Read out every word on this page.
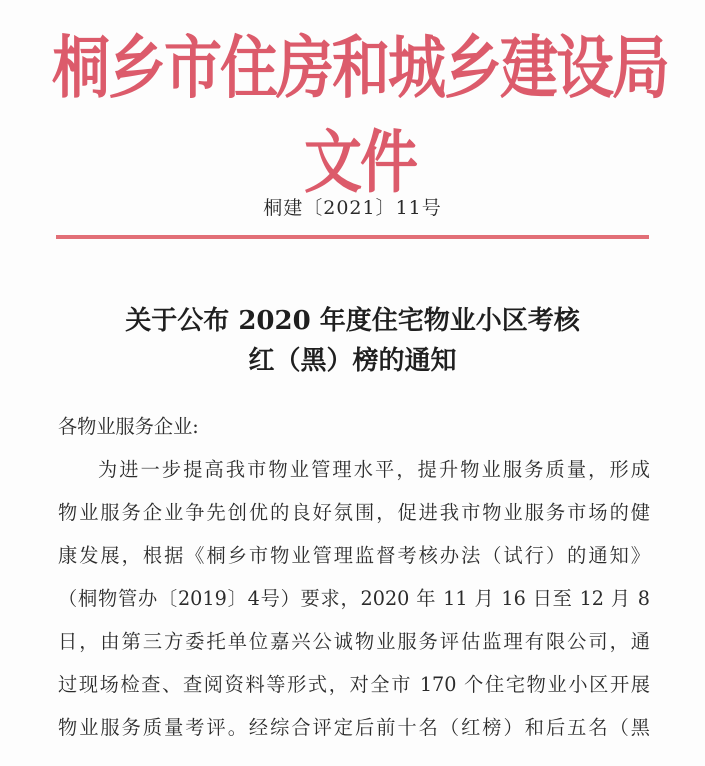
桐乡市住房和城乡建设局文件
桐建〔2021〕11号
关于公布 2020 年度住宅物业小区考核
红（黑）榜的通知
各物业服务企业:
为进一步提高我市物业管理水平，提升物业服务质量，形成
物业服务企业争先创优的良好氛围，促进我市物业服务市场的健
康发展，根据《桐乡市物业管理监督考核办法（试行）的通知》
（桐物管办〔2019〕4号）要求，2020 年 11 月 16 日至 12 月 8
日，由第三方委托单位嘉兴公诚物业服务评估监理有限公司，通
过现场检查、查阅资料等形式，对全市 170 个住宅物业小区开展
物业服务质量考评。经综合评定后前十名（红榜）和后五名（黑
